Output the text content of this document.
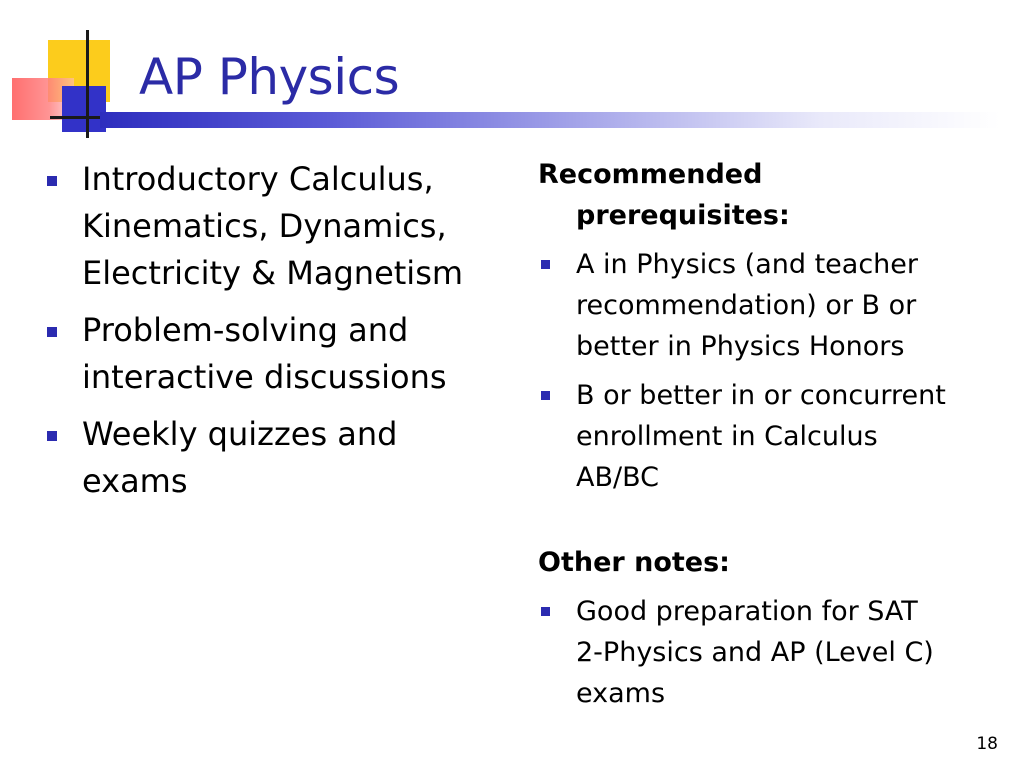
AP Physics
Introductory Calculus,
Kinematics, Dynamics,
Electricity & Magnetism
Problem-solving and
interactive discussions
Weekly quizzes and
exams
Recommended
prerequisites:
A in Physics (and teacher
recommendation) or B or
better in Physics Honors
B or better in or concurrent
enrollment in Calculus
AB/BC
Other notes:
Good preparation for SAT
2-Physics and AP (Level C)
exams
18
